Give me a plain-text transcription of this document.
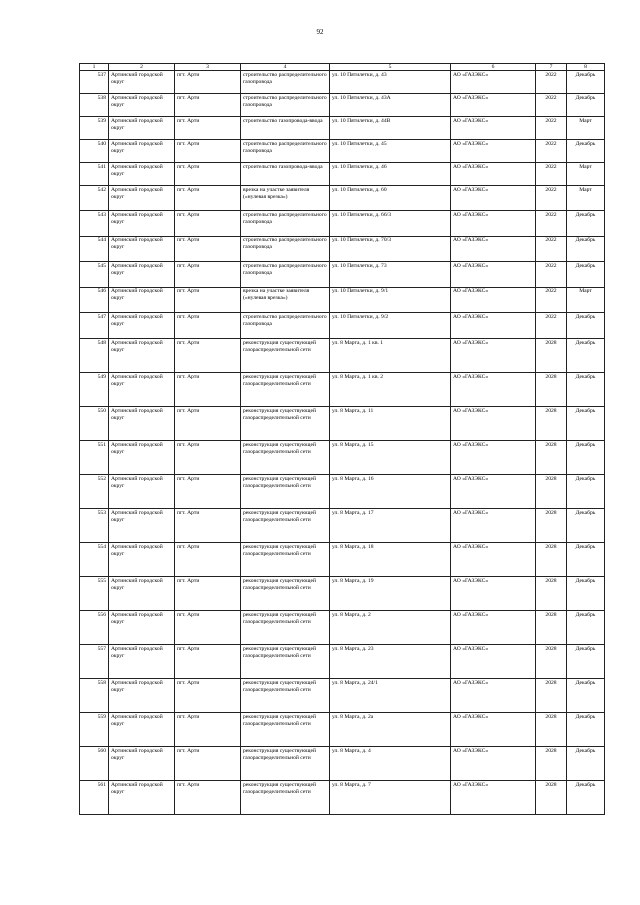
92
1	2	3	4	5	6	7	8
537	Артинский городской округ	пгт. Арти	строительство распределительного газопровода	ул. 10 Пятилетки, д. 43	АО «ГАЗЭКС»	2022	Декабрь
538	Артинский городской округ	пгт. Арти	строительство распределительного газопровода	ул. 10 Пятилетки, д. 43А	АО «ГАЗЭКС»	2022	Декабрь
539	Артинский городской округ	пгт. Арти	строительство газопровода-ввода	ул. 10 Пятилетки, д. 44В	АО «ГАЗЭКС»	2022	Март
540	Артинский городской округ	пгт. Арти	строительство распределительного газопровода	ул. 10 Пятилетки, д. 45	АО «ГАЗЭКС»	2022	Декабрь
541	Артинский городской округ	пгт. Арти	строительство газопровода-ввода	ул. 10 Пятилетки, д. 46	АО «ГАЗЭКС»	2022	Март
542	Артинский городской округ	пгт. Арти	врезка на участке заявителя («нулевая врезка»)	ул. 10 Пятилетки, д. 60	АО «ГАЗЭКС»	2022	Март
543	Артинский городской округ	пгт. Арти	строительство распределительного газопровода	ул. 10 Пятилетки, д. 66/3	АО «ГАЗЭКС»	2022	Декабрь
544	Артинский городской округ	пгт. Арти	строительство распределительного газопровода	ул. 10 Пятилетки, д. 70/3	АО «ГАЗЭКС»	2022	Декабрь
545	Артинский городской округ	пгт. Арти	строительство распределительного газопровода	ул. 10 Пятилетки, д. 73	АО «ГАЗЭКС»	2022	Декабрь
546	Артинский городской округ	пгт. Арти	врезка на участке заявителя («нулевая врезка»)	ул. 10 Пятилетки, д. 9/1	АО «ГАЗЭКС»	2022	Март
547	Артинский городской округ	пгт. Арти	строительство распределительного газопровода	ул. 10 Пятилетки, д. 9/2	АО «ГАЗЭКС»	2022	Декабрь
548	Артинский городской округ	пгт. Арти	реконструкция существующей газораспределительной сети	ул. 8 Марта, д. 1 кв. 1	АО «ГАЗЭКС»	2028	Декабрь
549	Артинский городской округ	пгт. Арти	реконструкция существующей газораспределительной сети	ул. 8 Марта, д. 1 кв. 2	АО «ГАЗЭКС»	2028	Декабрь
550	Артинский городской округ	пгт. Арти	реконструкция существующей газораспределительной сети	ул. 8 Марта, д. 11	АО «ГАЗЭКС»	2028	Декабрь
551	Артинский городской округ	пгт. Арти	реконструкция существующей газораспределительной сети	ул. 8 Марта, д. 15	АО «ГАЗЭКС»	2028	Декабрь
552	Артинский городской округ	пгт. Арти	реконструкция существующей газораспределительной сети	ул. 8 Марта, д. 16	АО «ГАЗЭКС»	2028	Декабрь
553	Артинский городской округ	пгт. Арти	реконструкция существующей газораспределительной сети	ул. 8 Марта, д. 17	АО «ГАЗЭКС»	2028	Декабрь
554	Артинский городской округ	пгт. Арти	реконструкция существующей газораспределительной сети	ул. 8 Марта, д. 18	АО «ГАЗЭКС»	2028	Декабрь
555	Артинский городской округ	пгт. Арти	реконструкция существующей газораспределительной сети	ул. 8 Марта, д. 19	АО «ГАЗЭКС»	2028	Декабрь
556	Артинский городской округ	пгт. Арти	реконструкция существующей газораспределительной сети	ул. 8 Марта, д. 2	АО «ГАЗЭКС»	2028	Декабрь
557	Артинский городской округ	пгт. Арти	реконструкция существующей газораспределительной сети	ул. 8 Марта, д. 23	АО «ГАЗЭКС»	2028	Декабрь
558	Артинский городской округ	пгт. Арти	реконструкция существующей газораспределительной сети	ул. 8 Марта, д. 24/1	АО «ГАЗЭКС»	2028	Декабрь
559	Артинский городской округ	пгт. Арти	реконструкция существующей газораспределительной сети	ул. 8 Марта, д. 2а	АО «ГАЗЭКС»	2028	Декабрь
560	Артинский городской округ	пгт. Арти	реконструкция существующей газораспределительной сети	ул. 8 Марта, д. 4	АО «ГАЗЭКС»	2028	Декабрь
561	Артинский городской округ	пгт. Арти	реконструкция существующей газораспределительной сети	ул. 8 Марта, д. 7	АО «ГАЗЭКС»	2028	Декабрь
